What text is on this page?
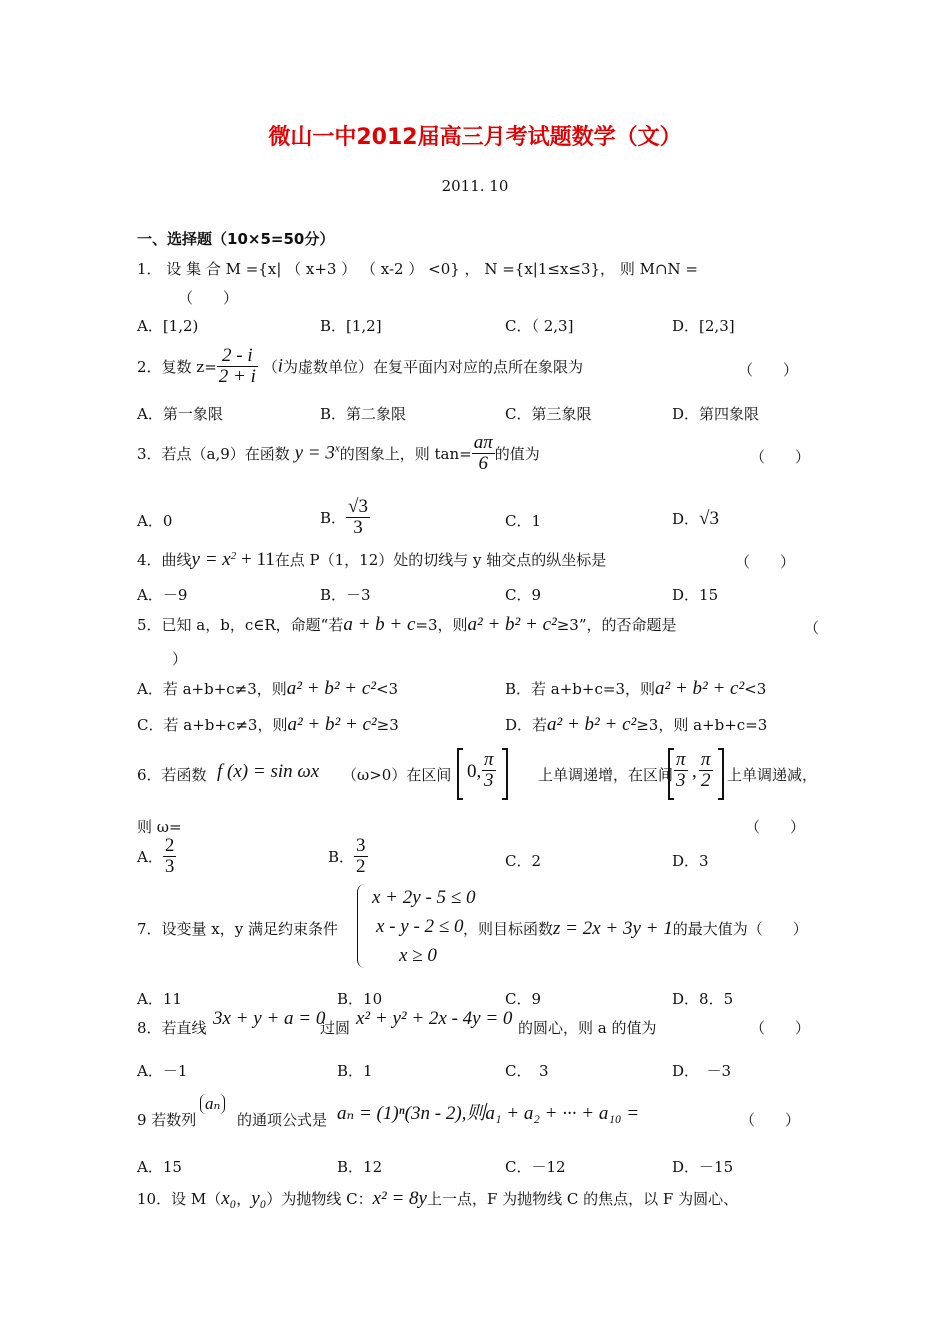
微山一中2012届高三月考试题数学（文）
2011. 10
一、选择题（10×5=50分）
1． 设 集 合 M ={x| （ x+3 ） （ x-2 ） <0} ， N ={x|1≤x≤3}， 则 M∩N =
（　　）
A．[1,2)	B．[1,2]	C．（ 2,3]	D．[2,3]
2．复数 $z= \frac{2 - i}{2 + i} (i$为虚数单位）在复平面内对应的点所在象限为	（　　）
A．第一象限	B．第二象限	C．第三象限	D．第四象限
3．若点（a,9）在函数 $y = 3^x$的图象上，则 $\tan= \frac{a\pi}{6}$ 的值为	（　　）
A．0	B． $\frac{√3}{3}$	C．1	D．√3
4．曲线$y = x^2 + 11$在点 P（1，12）处的切线与 y 轴交点的纵坐标是	（　　）
A．－9	B．－3	C．9	D．15
5．已知 a，b，c∈R，命题“若a + b + c=3，则a² + b² + c²≥3”，的否命题是	（
）
A．若 a+b+c≠3，则a² + b² + c²<3	B．若 a+b+c=3，则a² + b² + c²<3
C．若 a+b+c≠3，则a² + b² + c²≥3	D．若a² + b² + c²≥3，则 a+b+c=3
6．若函数 f (x) = sin ωx （ω>0）在区间 0, $\frac{\pi}{3}$	上单调递增，在区间 $\frac{\pi}{3}$ , $\frac{\pi}{2}$ 上单调递减，
则 ω=	（　　）
A． $\frac{2}{3}$	B． $\frac{3}{2}$	C．2	D．3
7．设变量 x，y 满足约束条件
x + 2y - 5 ≤ 0
x - y - 2 ≤ 0
x ≥ 0
，则目标函数z = 2x + 3y + 1的最大值为（　　）
A．11	B．10	C．9	D．8．5
8．若直线 3x + y + a = 0
过圆 x² + y² + 2x - 4y = 0 的圆心，则 a 的值为	（　　）
A．－1	B．1	C．　3	D．　－3
9 若数列
aₙ
的通项公式是 aₙ = (1)ⁿ(3n - 2),则a₁ + a₂ + ··· + a₁₀ =	（　　）
A．15	B．12	C．－12	D．－15
10．设 M（x₀，y₀）为抛物线 C：x² = 8y上一点，F 为抛物线 C 的焦点，以 F 为圆心、
